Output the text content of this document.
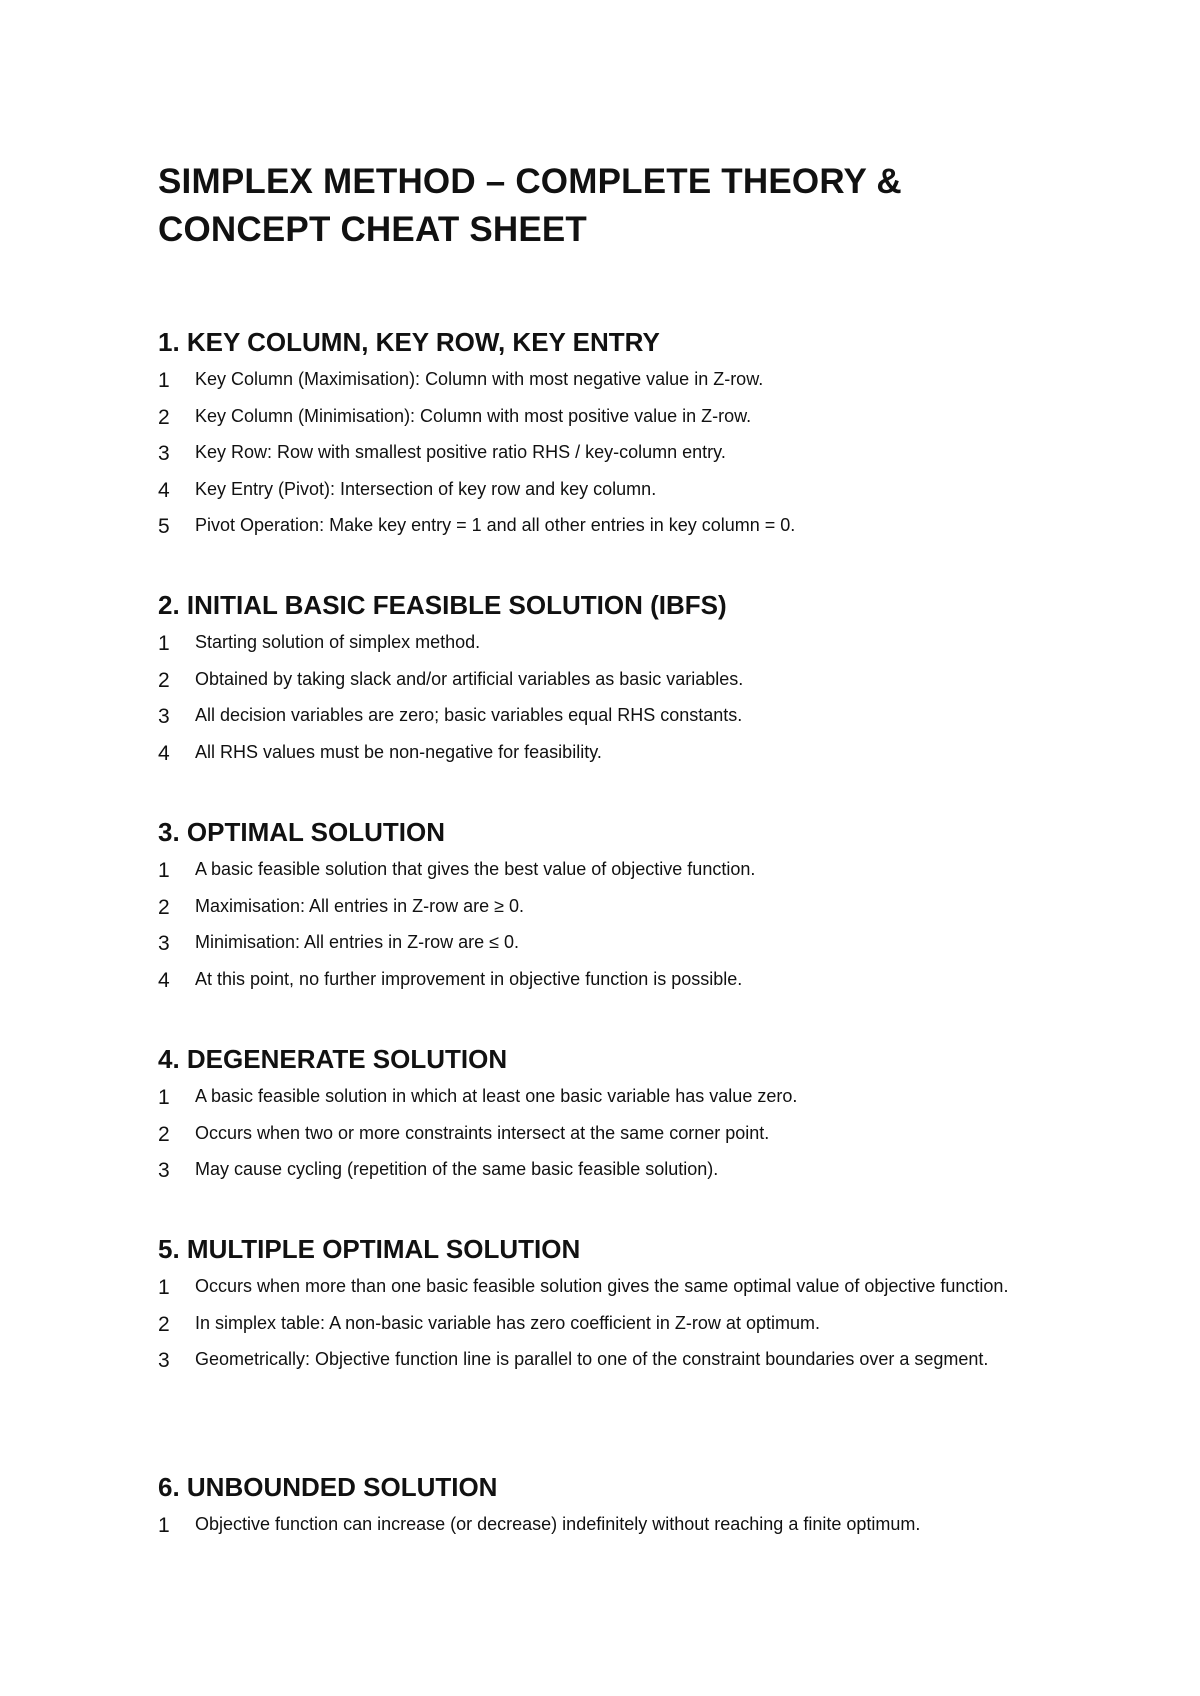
SIMPLEX METHOD – COMPLETE THEORY & CONCEPT CHEAT SHEET
1. KEY COLUMN, KEY ROW, KEY ENTRY
1 Key Column (Maximisation): Column with most negative value in Z-row.
2 Key Column (Minimisation): Column with most positive value in Z-row.
3 Key Row: Row with smallest positive ratio RHS / key-column entry.
4 Key Entry (Pivot): Intersection of key row and key column.
5 Pivot Operation: Make key entry = 1 and all other entries in key column = 0.
2. INITIAL BASIC FEASIBLE SOLUTION (IBFS)
1 Starting solution of simplex method.
2 Obtained by taking slack and/or artificial variables as basic variables.
3 All decision variables are zero; basic variables equal RHS constants.
4 All RHS values must be non-negative for feasibility.
3. OPTIMAL SOLUTION
1 A basic feasible solution that gives the best value of objective function.
2 Maximisation: All entries in Z-row are ≥ 0.
3 Minimisation: All entries in Z-row are ≤ 0.
4 At this point, no further improvement in objective function is possible.
4. DEGENERATE SOLUTION
1 A basic feasible solution in which at least one basic variable has value zero.
2 Occurs when two or more constraints intersect at the same corner point.
3 May cause cycling (repetition of the same basic feasible solution).
5. MULTIPLE OPTIMAL SOLUTION
1 Occurs when more than one basic feasible solution gives the same optimal value of objective function.
2 In simplex table: A non-basic variable has zero coefficient in Z-row at optimum.
3 Geometrically: Objective function line is parallel to one of the constraint boundaries over a segment.
6. UNBOUNDED SOLUTION
1 Objective function can increase (or decrease) indefinitely without reaching a finite optimum.
